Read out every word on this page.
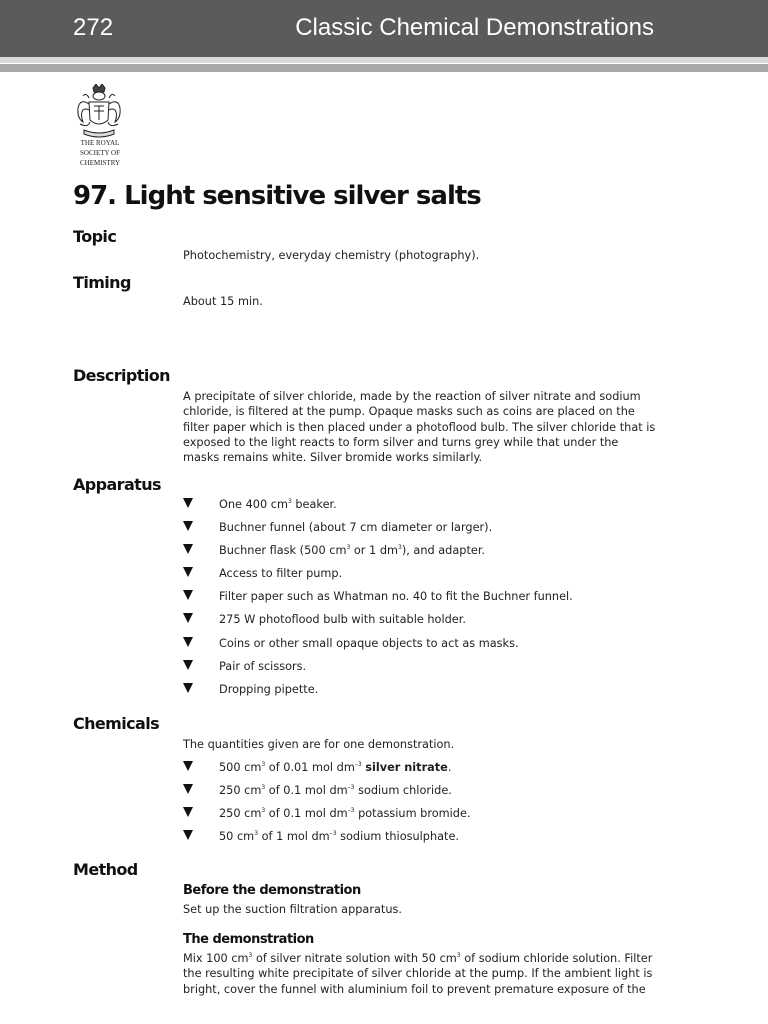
272	Classic Chemical Demonstrations
THE ROYAL
SOCIETY OF
CHEMISTRY
97. Light sensitive silver salts
Topic
Photochemistry, everyday chemistry (photography).
Timing
About 15 min.
Description
A precipitate of silver chloride, made by the reaction of silver nitrate and sodium chloride, is filtered at the pump. Opaque masks such as coins are placed on the filter paper which is then placed under a photoflood bulb. The silver chloride that is exposed to the light reacts to form silver and turns grey while that under the masks remains white. Silver bromide works similarly.
Apparatus
One 400 $cm^3$ beaker.
Buchner funnel (about 7 cm diameter or larger).
Buchner flask (500 $cm^3$ or 1 $dm^3$), and adapter.
Access to filter pump.
Filter paper such as Whatman no. 40 to fit the Buchner funnel.
275 W photoflood bulb with suitable holder.
Coins or other small opaque objects to act as masks.
Pair of scissors.
Dropping pipette.
Chemicals
The quantities given are for one demonstration.
500 $cm^3$ of 0.01 mol $dm^{-3}$ silver nitrate.
250 $cm^3$ of 0.1 mol $dm^{-3}$ sodium chloride.
250 $cm^3$ of 0.1 mol $dm^{-3}$ potassium bromide.
50 $cm^3$ of 1 mol $dm^{-3}$ sodium thiosulphate.
Method
Before the demonstration
Set up the suction filtration apparatus.
The demonstration
Mix 100 $cm^3$ of silver nitrate solution with 50 $cm^3$ of sodium chloride solution. Filter the resulting white precipitate of silver chloride at the pump. If the ambient light is bright, cover the funnel with aluminium foil to prevent premature exposure of the
